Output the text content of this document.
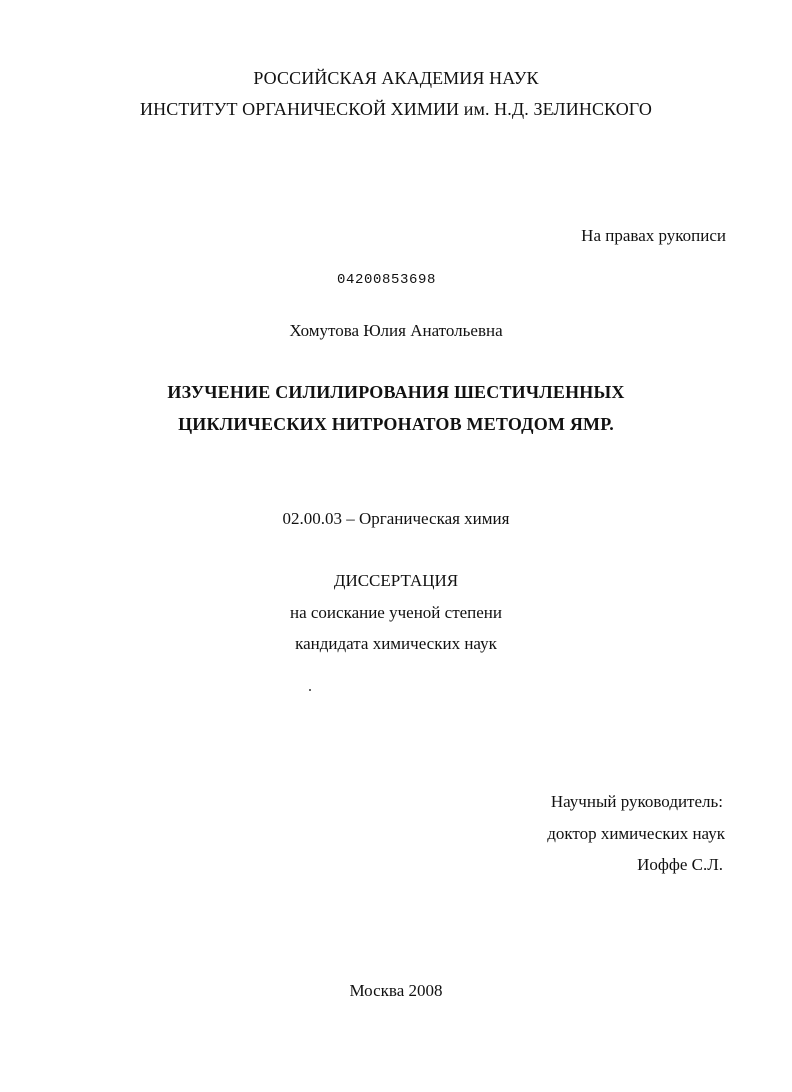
РОССИЙСКАЯ АКАДЕМИЯ НАУК
ИНСТИТУТ ОРГАНИЧЕСКОЙ ХИМИИ им. Н.Д. ЗЕЛИНСКОГО
На правах рукописи
04200853698
Хомутова Юлия Анатольевна
ИЗУЧЕНИЕ СИЛИЛИРОВАНИЯ ШЕСТИЧЛЕННЫХ
ЦИКЛИЧЕСКИХ НИТРОНАТОВ МЕТОДОМ ЯМР.
02.00.03 – Органическая химия
ДИССЕРТАЦИЯ
на соискание ученой степени
кандидата химических наук
Научный руководитель:
доктор химических наук
Иоффе С.Л.
Москва 2008
